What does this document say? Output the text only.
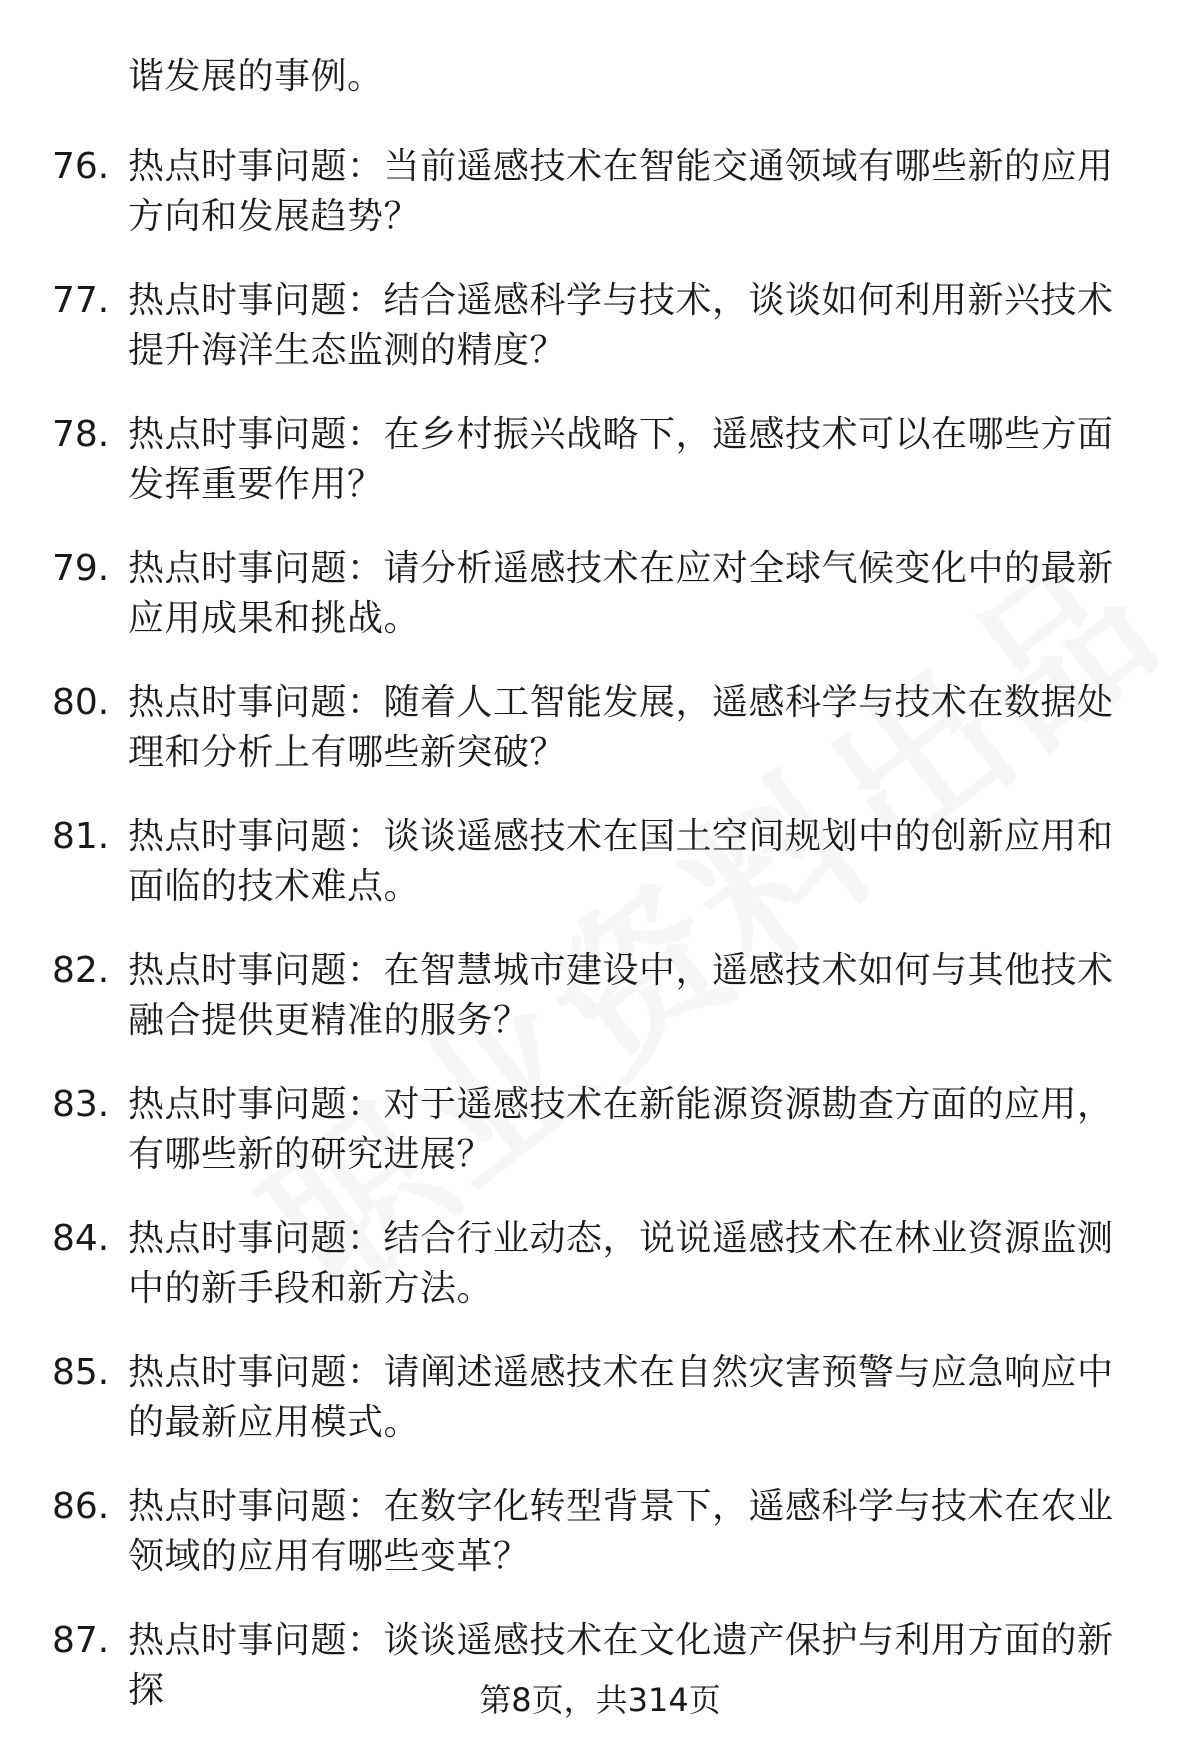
谐发展的事例。
76. 热点时事问题：当前遥感技术在智能交通领域有哪些新的应用方向和发展趋势？
77. 热点时事问题：结合遥感科学与技术，谈谈如何利用新兴技术提升海洋生态监测的精度？
78. 热点时事问题：在乡村振兴战略下，遥感技术可以在哪些方面发挥重要作用？
79. 热点时事问题：请分析遥感技术在应对全球气候变化中的最新应用成果和挑战。
80. 热点时事问题：随着人工智能发展，遥感科学与技术在数据处理和分析上有哪些新突破？
81. 热点时事问题：谈谈遥感技术在国土空间规划中的创新应用和面临的技术难点。
82. 热点时事问题：在智慧城市建设中，遥感技术如何与其他技术融合提供更精准的服务？
83. 热点时事问题：对于遥感技术在新能源资源勘查方面的应用，有哪些新的研究进展？
84. 热点时事问题：结合行业动态，说说遥感技术在林业资源监测中的新手段和新方法。
85. 热点时事问题：请阐述遥感技术在自然灾害预警与应急响应中的最新应用模式。
86. 热点时事问题：在数字化转型背景下，遥感科学与技术在农业领域的应用有哪些变革？
87. 热点时事问题：谈谈遥感技术在文化遗产保护与利用方面的新探	第8页，共314页
